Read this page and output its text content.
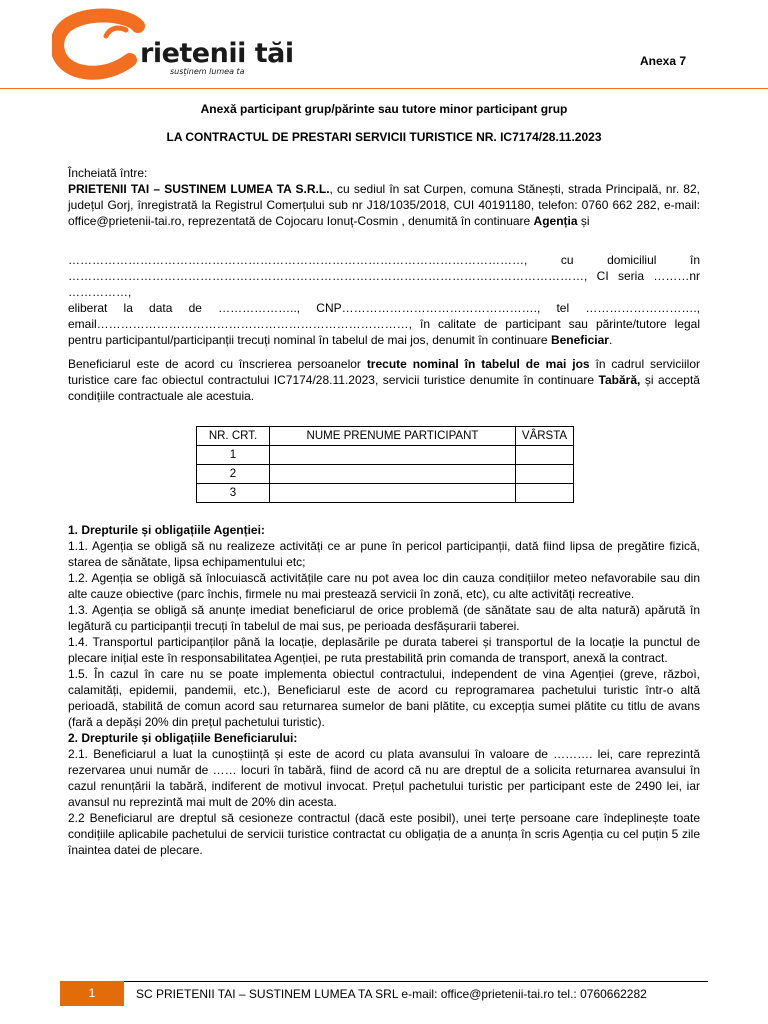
rietenii tăi
susținem lumea ta
Anexa 7
Anexă participant grup/părinte sau tutore minor participant grup
LA CONTRACTUL DE PRESTARI SERVICII TURISTICE NR. IC7174/28.11.2023

Încheiată între:

PRIETENII TAI – SUSTINEM LUMEA TA S.R.L., cu sediul în sat Curpen, comuna Stănești, strada Principală, nr. 82, județul Gorj, înregistrată la Registrul Comerțului sub nr J18/1035/2018, CUI 40191180, telefon: 0760 662 282, e-mail: office@prietenii-tai.ro, reprezentată de Cojocaru Ionuț-Cosmin , denumită în continuare Agenția și

……………………………………………………………………………………………………, cu domiciliul în
…………………………………………………………………………………………………………………, CI seria ………nr ……………,
eliberat la data de ……………….., CNP…………………………………………., tel ……………………….,

email……………………………………………………………………, în calitate de participant sau părinte/tutore legal pentru participantul/participanții trecuți nominal în tabelul de mai jos, denumit în continuare Beneficiar.

Beneficiarul este de acord cu înscrierea persoanelor trecute nominal în tabelul de mai jos în cadrul serviciilor turistice care fac obiectul contractului IC7174/28.11.2023, servicii turistice denumite în continuare Tabără, și acceptă condițiile contractuale ale acestuia.

NR. CRT.	NUME PRENUME PARTICIPANT	VÂRSTA
1		
2		
3		
1. Drepturile și obligațiile Agenției:

1.1. Agenția se obligă să nu realizeze activități ce ar pune în pericol participanții, dată fiind lipsa de pregătire fizică, starea de sănătate, lipsa echipamentului etc;

1.2. Agenția se obligă să înlocuiască activitățile care nu pot avea loc din cauza condițiilor meteo nefavorabile sau din alte cauze obiective (parc închis, firmele nu mai prestează servicii în zonă, etc), cu alte activități recreative.

1.3. Agenția se obligă să anunțe imediat beneficiarul de orice problemă (de sănătate sau de alta natură) apărută în legătură cu participanții trecuți în tabelul de mai sus, pe perioada desfășurarii taberei.

1.4. Transportul participanților până la locație, deplasările pe durata taberei și transportul de la locație la punctul de plecare inițial este în responsabilitatea Agenției, pe ruta prestabilită prin comanda de transport, anexă la contract.

1.5. În cazul în care nu se poate implementa obiectul contractului, independent de vina Agenției (greve, războì, calamități, epidemii, pandemii, etc.), Beneficiarul este de acord cu reprogramarea pachetului turistic într-o altă perioadă, stabilită de comun acord sau returnarea sumelor de bani plătite, cu excepția sumei plătite cu titlu de avans (fară a depăși 20% din prețul pachetului turistic).

2. Drepturile și obligațiile Beneficiarului:

2.1. Beneficiarul a luat la cunoștiință și este de acord cu plata avansului în valoare de ………. lei, care reprezintă rezervarea unui număr de …… locuri în tabără, fiind de acord că nu are dreptul de a solicita returnarea avansului în cazul renunțării la tabără, indiferent de motivul invocat. Prețul pachetului turistic per participant este de 2490 lei, iar avansul nu reprezintă mai mult de 20% din acesta.

2.2 Beneficiarul are dreptul să cesioneze contractul (dacă este posibil), unei terțe persoane care îndeplinește toate condițiile aplicabile pachetului de servicii turistice contractat cu obligația de a anunța în scris Agenția cu cel puțin 5 zile înaintea datei de plecare.

1	SC PRIETENII TAI – SUSTINEM LUMEA TA SRL e-mail: office@prietenii-tai.ro tel.: 0760662282
